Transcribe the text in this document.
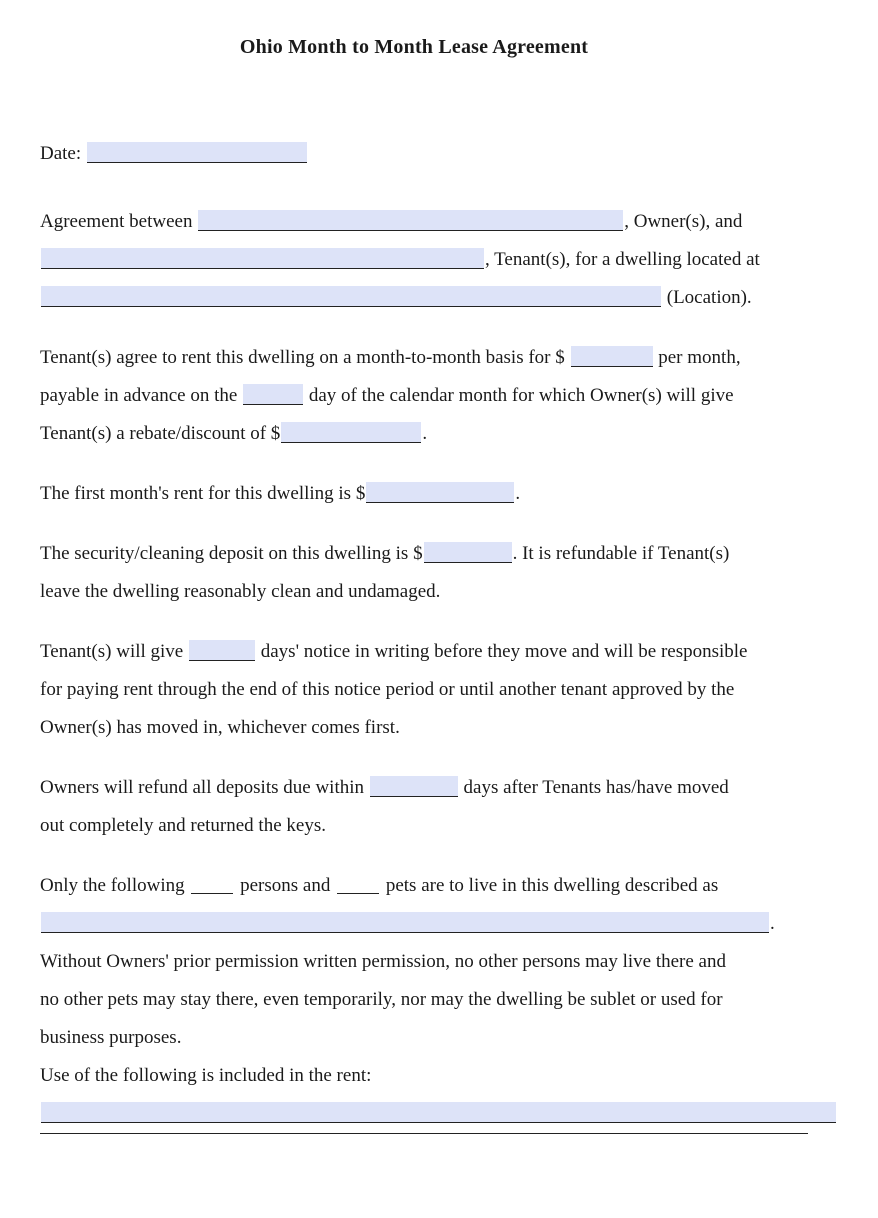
Ohio Month to Month Lease Agreement

Date:

Agreement between	, Owner(s), and
, Tenant(s), for a dwelling located at
(Location).

Tenant(s) agree to rent this dwelling on a month-to-month basis for $	per month,
payable in advance on the	day of the calendar month for which Owner(s) will give
Tenant(s) a rebate/discount of $	.

The first month's rent for this dwelling is $	.

The security/cleaning deposit on this dwelling is $	. It is refundable if Tenant(s)
leave the dwelling reasonably clean and undamaged.

Tenant(s) will give	days' notice in writing before they move and will be responsible
for paying rent through the end of this notice period or until another tenant approved by the
Owner(s) has moved in, whichever comes first.

Owners will refund all deposits due within	days after Tenants has/have moved
out completely and returned the keys.

Only the following	persons and	pets are to live in this dwelling described as
.

Without Owners' prior permission written permission, no other persons may live there and
no other pets may stay there, even temporarily, nor may the dwelling be sublet or used for
business purposes.

Use of the following is included in the rent:
